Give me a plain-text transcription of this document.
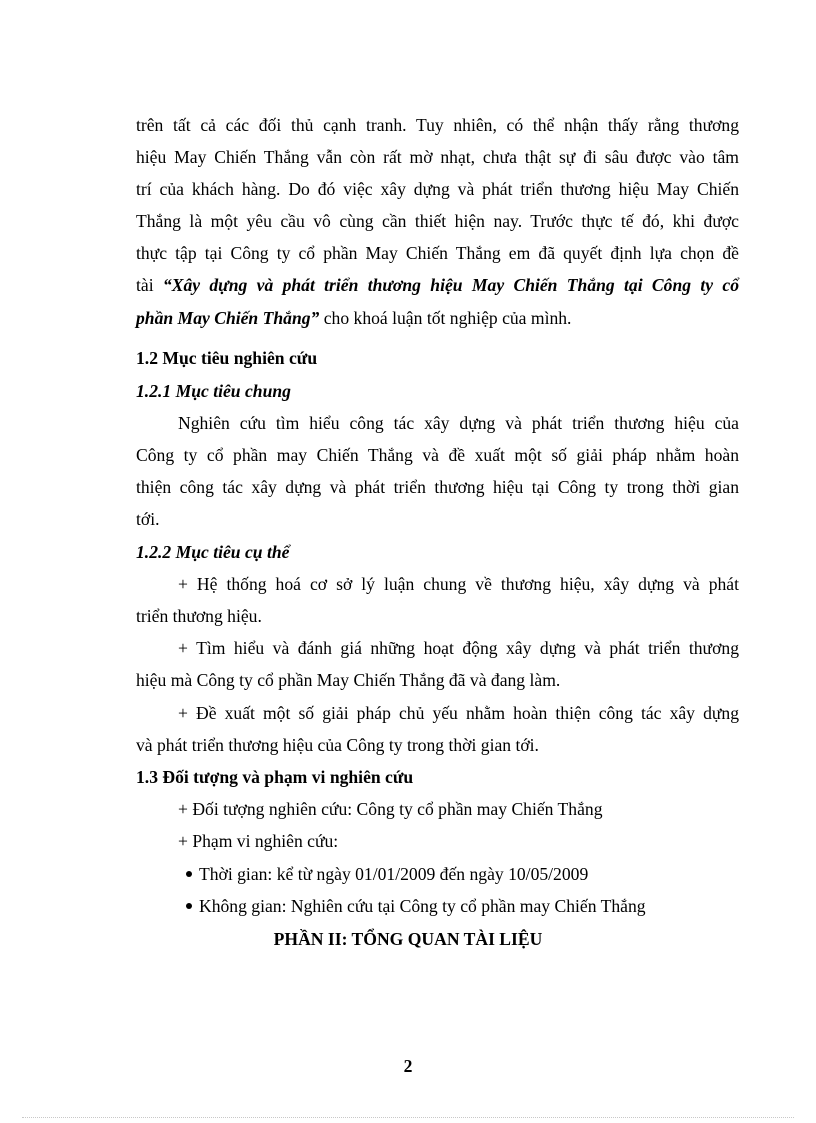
trên tất cả các đối thủ cạnh tranh. Tuy nhiên, có thể nhận thấy rằng thương
hiệu May Chiến Thắng vẫn còn rất mờ nhạt, chưa thật sự đi sâu được vào tâm
trí của khách hàng. Do đó việc xây dựng và phát triển thương hiệu May Chiến
Thắng là một yêu cầu vô cùng cần thiết hiện nay. Trước thực tế đó, khi được
thực tập tại Công ty cổ phần May Chiến Thắng em đã quyết định lựa chọn đề
tài “Xây dựng và phát triển thương hiệu May Chiến Thắng tại Công ty cổ
phần May Chiến Thắng” cho khoá luận tốt nghiệp của mình.
1.2 Mục tiêu nghiên cứu
1.2.1 Mục tiêu chung
Nghiên cứu tìm hiểu công tác xây dựng và phát triển thương hiệu của
Công ty cổ phần may Chiến Thắng và đề xuất một số giải pháp nhằm hoàn
thiện công tác xây dựng và phát triển thương hiệu tại Công ty trong thời gian
tới.
1.2.2 Mục tiêu cụ thể
+ Hệ thống hoá cơ sở lý luận chung về thương hiệu, xây dựng và phát
triển thương hiệu.
+ Tìm hiểu và đánh giá những hoạt động xây dựng và phát triển thương
hiệu mà Công ty cổ phần May Chiến Thắng đã và đang làm.
+ Đề xuất một số giải pháp chủ yếu nhằm hoàn thiện công tác xây dựng
và phát triển thương hiệu của Công ty trong thời gian tới.
1.3 Đối tượng và phạm vi nghiên cứu
+ Đối tượng nghiên cứu: Công ty cổ phần may Chiến Thắng
+ Phạm vi nghiên cứu:
Thời gian: kể từ ngày 01/01/2009 đến ngày 10/05/2009
Không gian: Nghiên cứu tại Công ty cổ phần may Chiến Thắng
PHẦN II: TỔNG QUAN TÀI LIỆU
2
